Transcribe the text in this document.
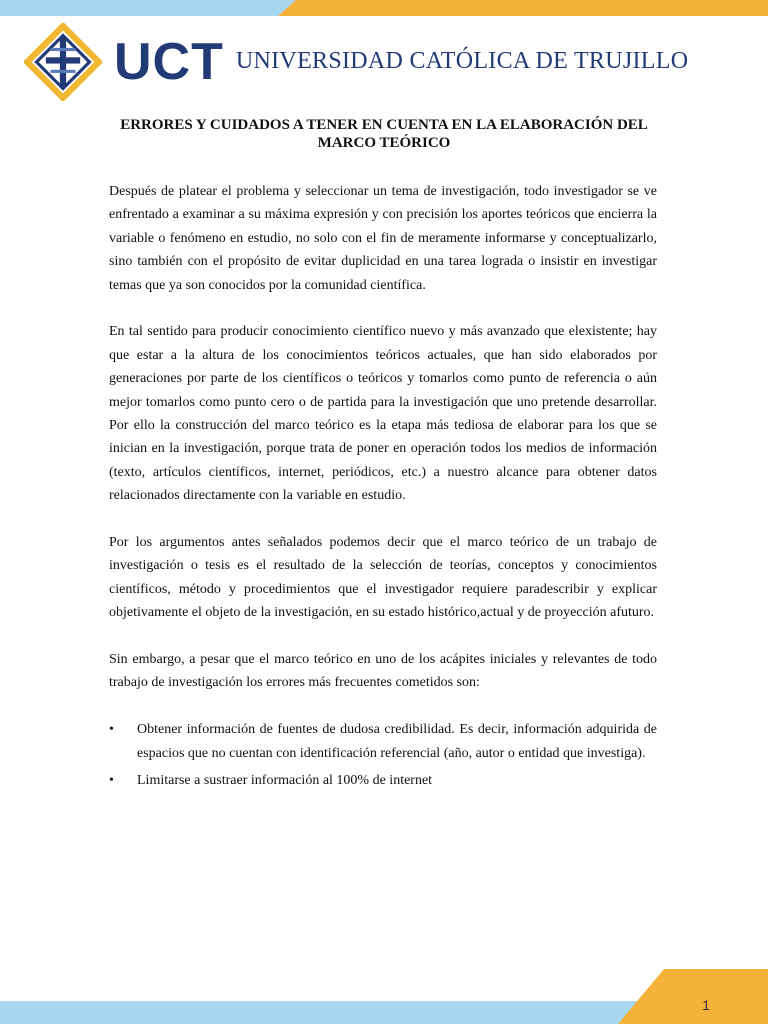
UCT UNIVERSIDAD CATÓLICA DE TRUJILLO
ERRORES Y CUIDADOS A TENER EN CUENTA EN LA ELABORACIÓN DEL MARCO TEÓRICO

Después de platear el problema y seleccionar un tema de investigación, todo investigador se ve enfrentado a examinar a su máxima expresión y con precisión los aportes teóricos que encierra la variable o fenómeno en estudio, no solo con el fin de meramente informarse y conceptualizarlo, sino también con el propósito de evitar duplicidad en una tarea lograda o insistir en investigar temas que ya son conocidos por la comunidad científica.

En tal sentido para producir conocimiento científico nuevo y más avanzado que elexistente; hay que estar a la altura de los conocimientos teóricos actuales, que han sido elaborados por generaciones por parte de los científicos o teóricos y tomarlos como punto de referencia o aún mejor tomarlos como punto cero o de partida para la investigación que uno pretende desarrollar. Por ello la construcción del marco teórico es la etapa más tediosa de elaborar para los que se inician en la investigación, porque trata de poner en operación todos los medios de información (texto, artículos científicos, internet, periódicos, etc.) a nuestro alcance para obtener datos relacionados directamente con la variable en estudio.

Por los argumentos antes señalados podemos decir que el marco teórico de un trabajo de investigación o tesis es el resultado de la selección de teorías, conceptos y conocimientos científicos, método y procedimientos que el investigador requiere paradescribir y explicar objetivamente el objeto de la investigación, en su estado histórico,actual y de proyección afuturo.

Sin embargo, a pesar que el marco teórico en uno de los acápites iniciales y relevantes de todo trabajo de investigación los errores más frecuentes cometidos son:

•	Obtener información de fuentes de dudosa credibilidad. Es decir, información adquirida de espacios que no cuentan con identificación referencial (año, autor o entidad que investiga).
•	Limitarse a sustraer información al 100% de internet
1
